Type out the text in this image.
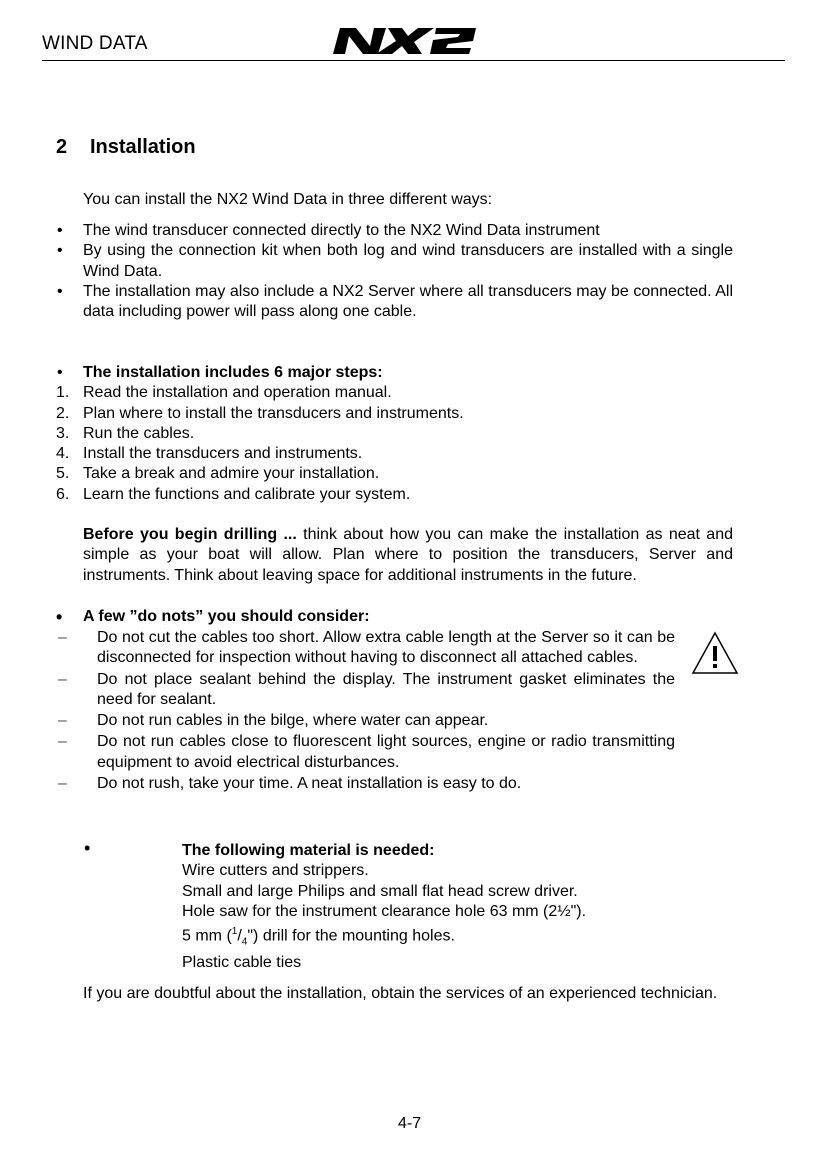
WIND DATA
2 Installation
You can install the NX2 Wind Data in three different ways:
• The wind transducer connected directly to the NX2 Wind Data instrument
• By using the connection kit when both log and wind transducers are installed with a single Wind Data.
• The installation may also include a NX2 Server where all transducers may be connected. All data including power will pass along one cable.
• The installation includes 6 major steps:
1. Read the installation and operation manual.
2. Plan where to install the transducers and instruments.
3. Run the cables.
4. Install the transducers and instruments.
5. Take a break and admire your installation.
6. Learn the functions and calibrate your system.
Before you begin drilling ... think about how you can make the installation as neat and simple as your boat will allow. Plan where to position the transducers, Server and instruments. Think about leaving space for additional instruments in the future.
• A few ”do nots” you should consider:
– Do not cut the cables too short. Allow extra cable length at the Server so it can be disconnected for inspection without having to disconnect all attached cables.
– Do not place sealant behind the display. The instrument gasket eliminates the need for sealant.
– Do not run cables in the bilge, where water can appear.
– Do not run cables close to fluorescent light sources, engine or radio transmitting equipment to avoid electrical disturbances.
– Do not rush, take your time. A neat installation is easy to do.
•	The following material is needed:
Wire cutters and strippers.
Small and large Philips and small flat head screw driver.
Hole saw for the instrument clearance hole 63 mm (2½").
5 mm $(^1/_4")$ drill for the mounting holes.
Plastic cable ties
If you are doubtful about the installation, obtain the services of an experienced technician.
4-7
